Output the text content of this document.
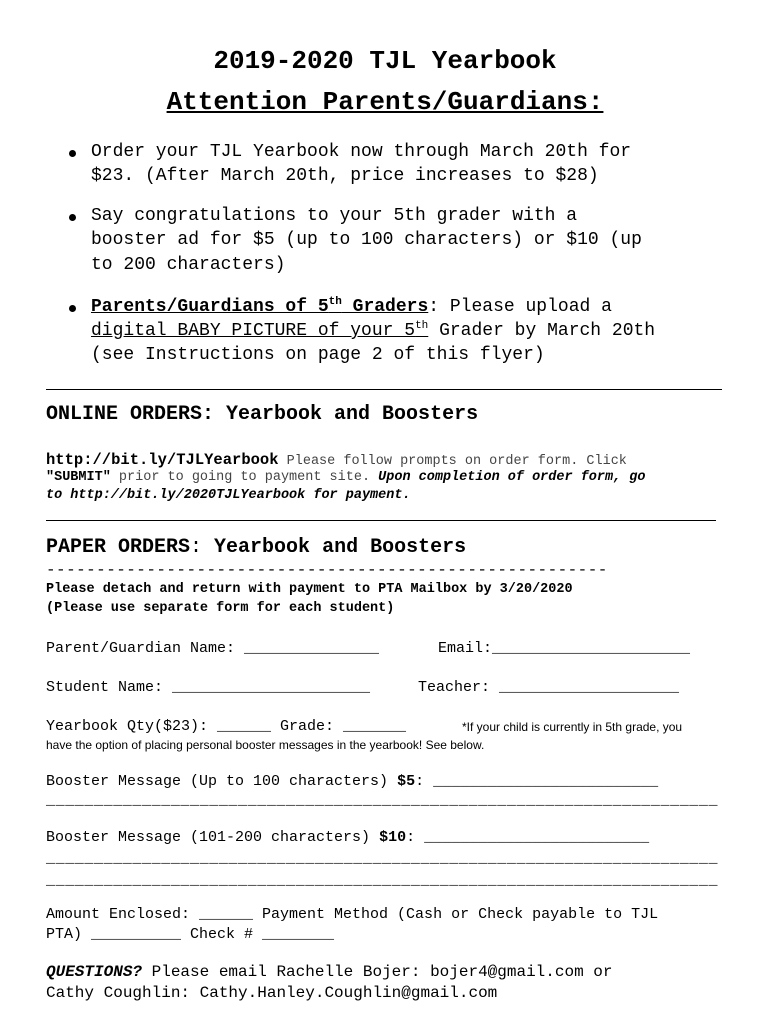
2019-2020 TJL Yearbook
Attention Parents/Guardians:
Order your TJL Yearbook now through March 20th for
$23. (After March 20th, price increases to $28)
Say congratulations to your 5th grader with a
booster ad for $5 (up to 100 characters) or $10 (up
to 200 characters)
Parents/Guardians of 5th Graders: Please upload a
digital BABY PICTURE of your 5th Grader by March 20th
(see Instructions on page 2 of this flyer)
ONLINE ORDERS: Yearbook and Boosters
http://bit.ly/TJLYearbook Please follow prompts on order form. Click
"SUBMIT" prior to going to payment site. Upon completion of order form, go
to http://bit.ly/2020TJLYearbook for payment.
PAPER ORDERS: Yearbook and Boosters
--------------------------------------------------------
Please detach and return with payment to PTA Mailbox by 3/20/2020
(Please use separate form for each student)
Parent/Guardian Name: _______________	Email:______________________
Student Name: ______________________	Teacher: ____________________
Yearbook Qty($23): ______ Grade: _______	*If your child is currently in 5th grade, you
have the option of placing personal booster messages in the yearbook! See below.
Booster Message (Up to 100 characters) $5: _________________________
______________________________________________________________________
Booster Message (101-200 characters) $10: _________________________
______________________________________________________________________
______________________________________________________________________
Amount Enclosed: ______ Payment Method (Cash or Check payable to TJL
PTA) __________ Check # ________
QUESTIONS? Please email Rachelle Bojer: bojer4@gmail.com or
Cathy Coughlin: Cathy.Hanley.Coughlin@gmail.com
